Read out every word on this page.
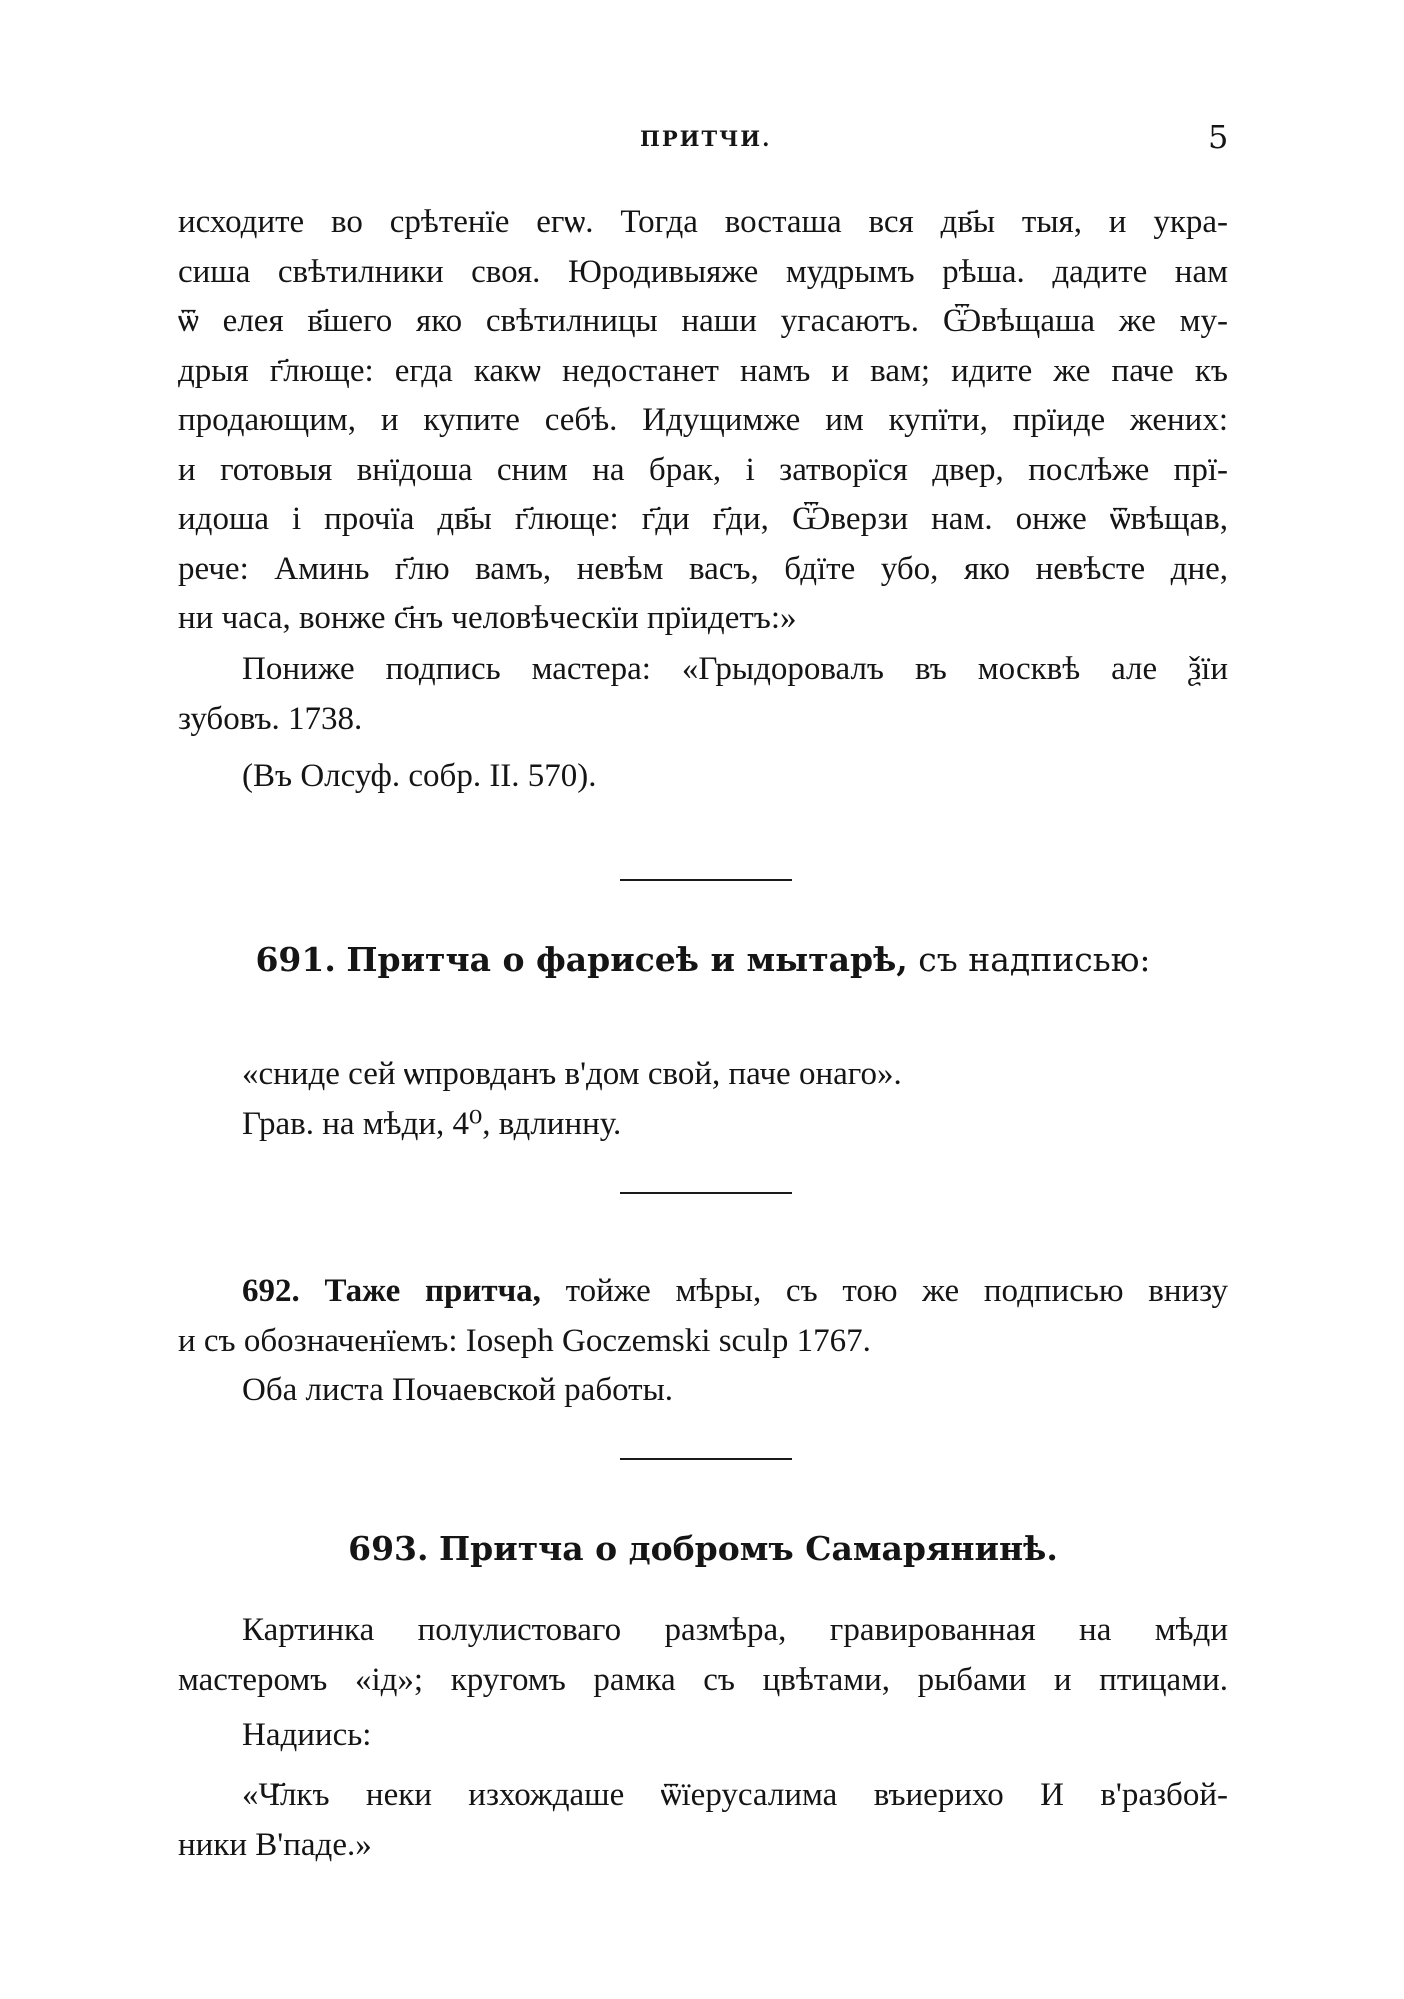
ПРИТЧИ.	5
исходите во срѣтенїе егѡ. Тогда восташа вся дв҃ы тыя, и укра-
сиша свѣтилники своя. Юродивыяже мудрымъ рѣша. дадите нам
ѿ елея в҃шего яко свѣтилницы наши угасаютъ. Ѿвѣщаша же му-
дрыя г҃люще: егда какѡ недостанет намъ и вам; идите же паче къ
продающим, и купите себѣ. Идущимже им купїти, прїиде жених:
и готовыя внїдоша сним на брак, і затворїся двер, послѣже прї-
идоша і прочїа дв҃ы г҃люще: г҃ди г҃ди, Ѿверзи нам. онже ѿвѣщав,
рече: Аминь г҃лю вамъ, невѣм васъ, бдїте убо, яко невѣсте дне,
ни часа, вонже с҃нъ человѣческїи прїидетъ:»
Пониже подпись мастера: «Грыдоровалъ въ москвѣ але ѯїи
зубовъ. 1738.
(Въ Олсуф. собр. II. 570).
691. Притча о фарисеѣ и мытарѣ, съ надписью:
«сниде сей ѡпровданъ в'дом свой, паче онаго».
Грав. на мѣди, 4⁰, вдлинну.
692. Таже притча, тойже мѣры, съ тою же подписью внизу
и съ обозначенїемъ: Ioseph Goczemski sculp 1767.
Оба листа Почаевской работы.
693. Притча о добромъ Самарянинѣ.
Картинка полулистоваго размѣра, гравированная на мѣди
мастеромъ «ід»; кругомъ рамка съ цвѣтами, рыбами и птицами.
Надиись:
«Ч҃лкъ неки изхождаше ѿїерусалима въиерихо И в'разбой-
ники В'паде.»
